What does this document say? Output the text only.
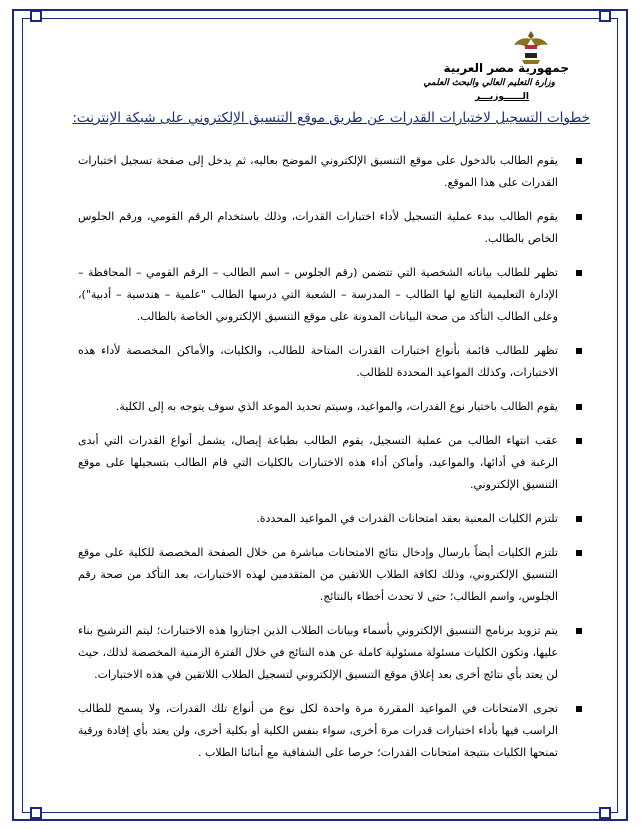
جمهورية مصر العربية
وزارة التعليم العالي والبحث العلمي
الــــــوزيـــر
خطوات التسجيل لاختبارات القدرات عن طريق موقع التنسيق الإلكتروني على شبكة الإنترنت:
يقوم الطالب بالدخول على موقع التنسيق الإلكتروني الموضح بعاليه، ثم يدخل إلى صفحة تسجيل اختبارات القدرات على هذا الموقع.
يقوم الطالب ببدء عملية التسجيل لأداء اختبارات القدرات، وذلك باستخدام الرقم القومي، ورقم الجلوس الخاص بالطالب.
تظهر للطالب بياناته الشخصية التي تتضمن (رقم الجلوس – اسم الطالب – الرقم القومي – المحافظة – الإدارة التعليمية التابع لها الطالب – المدرسة – الشعبة التي درسها الطالب "علمية – هندسية – أدبية")، وعلى الطالب التأكد من صحة البيانات المدونة على موقع التنسيق الإلكتروني الخاصة بالطالب.
تظهر للطالب قائمة بأنواع اختبارات القدرات المتاحة للطالب، والكليات، والأماكن المخصصة لأداء هذه الاختبارات، وكذلك المواعيد المحددة للطالب.
يقوم الطالب باختيار نوع القدرات، والمواعيد، وسيتم تحديد الموعد الذي سوف يتوجه به إلى الكلية.
عقب انتهاء الطالب من عملية التسجيل، يقوم الطالب بطباعة إيصال، يشمل أنواع القدرات التي أبدى الرغبة في أدائها، والمواعيد، وأماكن أداء هذه الاختبارات بالكليات التي قام الطالب بتسجيلها على موقع التنسيق الإلكتروني.
تلتزم الكليات المعنية بعقد امتحانات القدرات في المواعيد المحددة.
تلتزم الكليات أيضاً بارسال وإدخال نتائج الامتحانات مباشرة من خلال الصفحة المخصصة للكلية على موقع التنسيق الإلكتروني، وذلك لكافة الطلاب اللاتقين من المتقدمين لهذه الاختبارات، بعد التأكد من صحة رقم الجلوس، واسم الطالب؛ حتى لا تحدث أخطاء بالنتائج.
يتم تزويد برنامج التنسيق الإلكتروني بأسماء وبيانات الطلاب الذين اجتازوا هذه الاختبارات؛ ليتم الترشيح بناء عليها، وتكون الكليات مسئولة مسئولية كاملة عن هذه النتائج في خلال الفترة الزمنية المخصصة لذلك، حيث لن يعتد بأي نتائج أخرى بعد إغلاق موقع التنسيق الإلكتروني لتسجيل الطلاب اللاتقين في هذه الاختبارات.
تجرى الامتحانات في المواعيد المقررة مرة واحدة لكل نوع من أنواع تلك القدرات، ولا يسمح للطالب الراسب فيها بأداء اختبارات قدرات مرة أخرى، سواء بنفس الكلية أو بكلية أخرى، ولن يعتد بأي إفادة ورقية تمنحها الكليات بنتيجة امتحانات القدرات؛ حرصا على الشفافية مع أبنائنا الطلاب .
